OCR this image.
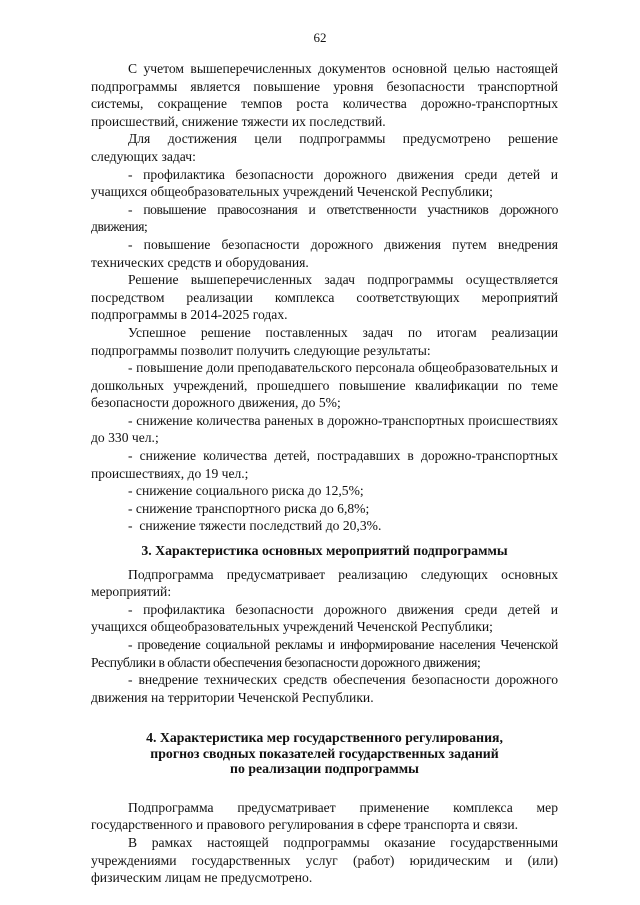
62

С учетом вышеперечисленных документов основной целью настоящей подпрограммы является повышение уровня безопасности транспортной системы, сокращение темпов роста количества дорожно-транспортных происшествий, снижение тяжести их последствий.

Для достижения цели подпрограммы предусмотрено решение следующих задач:

- профилактика безопасности дорожного движения среди детей и учащихся общеобразовательных учреждений Чеченской Республики;

- повышение правосознания и ответственности участников дорожного движения;

- повышение безопасности дорожного движения путем внедрения технических средств и оборудования.

Решение вышеперечисленных задач подпрограммы осуществляется посредством реализации комплекса соответствующих мероприятий подпрограммы в 2014-2025 годах.

Успешное решение поставленных задач по итогам реализации подпрограммы позволит получить следующие результаты:

- повышение доли преподавательского персонала общеобразовательных и дошкольных учреждений, прошедшего повышение квалификации по теме безопасности дорожного движения, до 5%;

- снижение количества раненых в дорожно-транспортных происшествиях до 330 чел.;

- снижение количества детей, пострадавших в дорожно-транспортных происшествиях, до 19 чел.;

- снижение социального риска до 12,5%;

- снижение транспортного риска до 6,8%;

-  снижение тяжести последствий до 20,3%.

3. Характеристика основных мероприятий подпрограммы

Подпрограмма предусматривает реализацию следующих основных мероприятий:

- профилактика безопасности дорожного движения среди детей и учащихся общеобразовательных учреждений Чеченской Республики;

- проведение социальной рекламы и информирование населения Чеченской Республики в области обеспечения безопасности дорожного движения;

- внедрение технических средств обеспечения безопасности дорожного движения на территории Чеченской Республики.

4. Характеристика мер государственного регулирования,
прогноз сводных показателей государственных заданий
по реализации подпрограммы

Подпрограмма предусматривает применение комплекса мер государственного и правового регулирования в сфере транспорта и связи.

В рамках настоящей подпрограммы оказание государственными учреждениями государственных услуг (работ) юридическим и (или) физическим лицам не предусмотрено.
